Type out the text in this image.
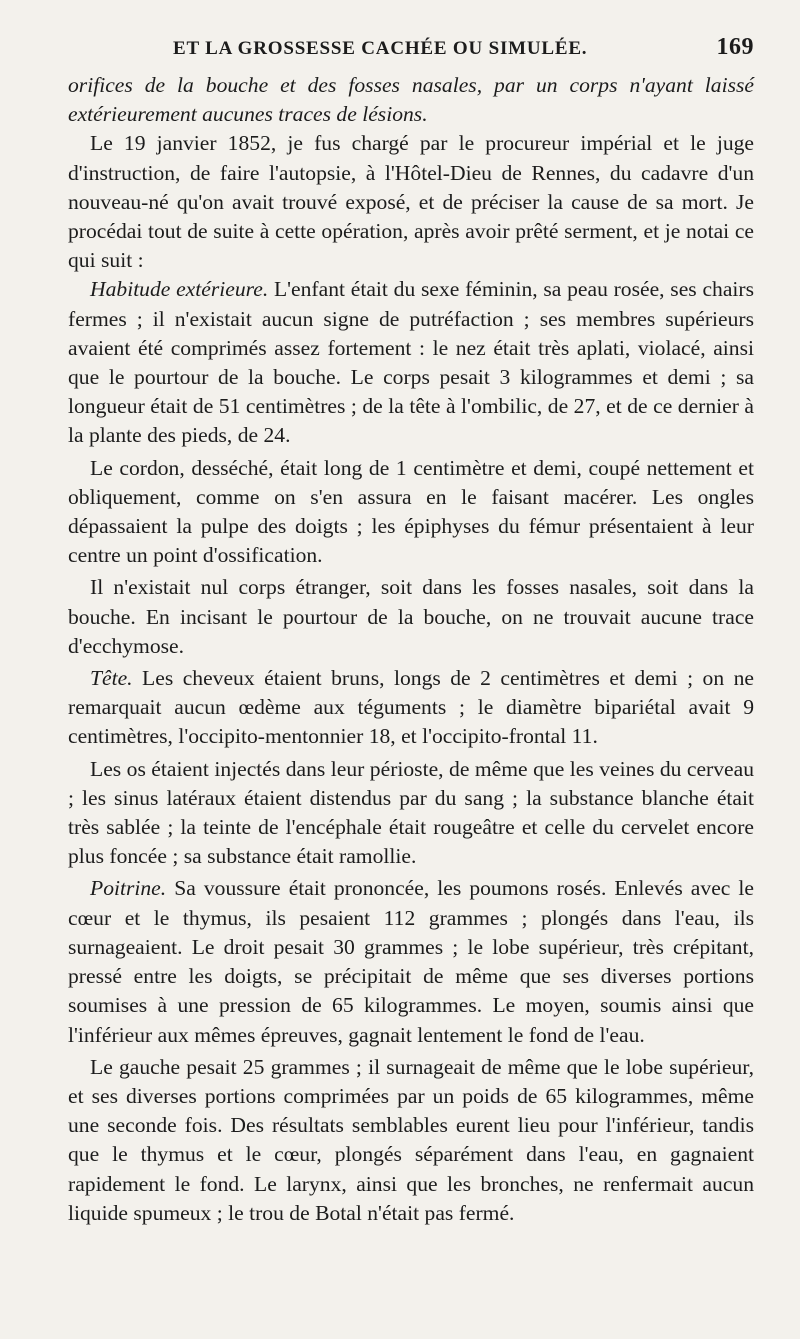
ET LA GROSSESSE CACHÉE OU SIMULÉE.	169

orifices de la bouche et des fosses nasales, par un corps n'ayant laissé extérieurement aucunes traces de lésions.

Le 19 janvier 1852, je fus chargé par le procureur impérial et le juge d'instruction, de faire l'autopsie, à l'Hôtel-Dieu de Rennes, du cadavre d'un nouveau-né qu'on avait trouvé exposé, et de préciser la cause de sa mort. Je procédai tout de suite à cette opération, après avoir prêté serment, et je notai ce qui suit :

Habitude extérieure. L'enfant était du sexe féminin, sa peau rosée, ses chairs fermes ; il n'existait aucun signe de putréfaction ; ses membres supérieurs avaient été comprimés assez fortement : le nez était très aplati, violacé, ainsi que le pourtour de la bouche. Le corps pesait 3 kilogrammes et demi ; sa longueur était de 51 centimètres ; de la tête à l'ombilic, de 27, et de ce dernier à la plante des pieds, de 24.

Le cordon, desséché, était long de 1 centimètre et demi, coupé nettement et obliquement, comme on s'en assura en le faisant macérer. Les ongles dépassaient la pulpe des doigts ; les épiphyses du fémur présentaient à leur centre un point d'ossification.

Il n'existait nul corps étranger, soit dans les fosses nasales, soit dans la bouche. En incisant le pourtour de la bouche, on ne trouvait aucune trace d'ecchymose.

Tête. Les cheveux étaient bruns, longs de 2 centimètres et demi ; on ne remarquait aucun œdème aux téguments ; le diamètre bipariétal avait 9 centimètres, l'occipito-mentonnier 18, et l'occipito-frontal 11.

Les os étaient injectés dans leur périoste, de même que les veines du cerveau ; les sinus latéraux étaient distendus par du sang ; la substance blanche était très sablée ; la teinte de l'encéphale était rougeâtre et celle du cervelet encore plus foncée ; sa substance était ramollie.

Poitrine. Sa voussure était prononcée, les poumons rosés. Enlevés avec le cœur et le thymus, ils pesaient 112 grammes ; plongés dans l'eau, ils surnageaient. Le droit pesait 30 grammes ; le lobe supérieur, très crépitant, pressé entre les doigts, se précipitait de même que ses diverses portions soumises à une pression de 65 kilogrammes. Le moyen, soumis ainsi que l'inférieur aux mêmes épreuves, gagnait lentement le fond de l'eau.

Le gauche pesait 25 grammes ; il surnageait de même que le lobe supérieur, et ses diverses portions comprimées par un poids de 65 kilogrammes, même une seconde fois. Des résultats semblables eurent lieu pour l'inférieur, tandis que le thymus et le cœur, plongés séparément dans l'eau, en gagnaient rapidement le fond. Le larynx, ainsi que les bronches, ne renfermait aucun liquide spumeux ; le trou de Botal n'était pas fermé.
